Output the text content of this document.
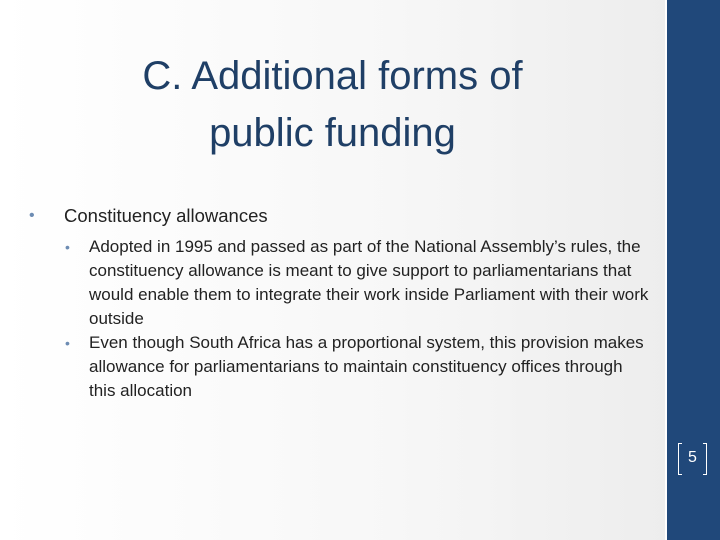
C. Additional forms of
public funding
• Constituency allowances
• Adopted in 1995 and passed as part of the National Assembly’s rules, the constituency allowance is meant to give support to parliamentarians that would enable them to integrate their work inside Parliament with their work outside
• Even though South Africa has a proportional system, this provision makes allowance for parliamentarians to maintain constituency offices through this allocation
5
